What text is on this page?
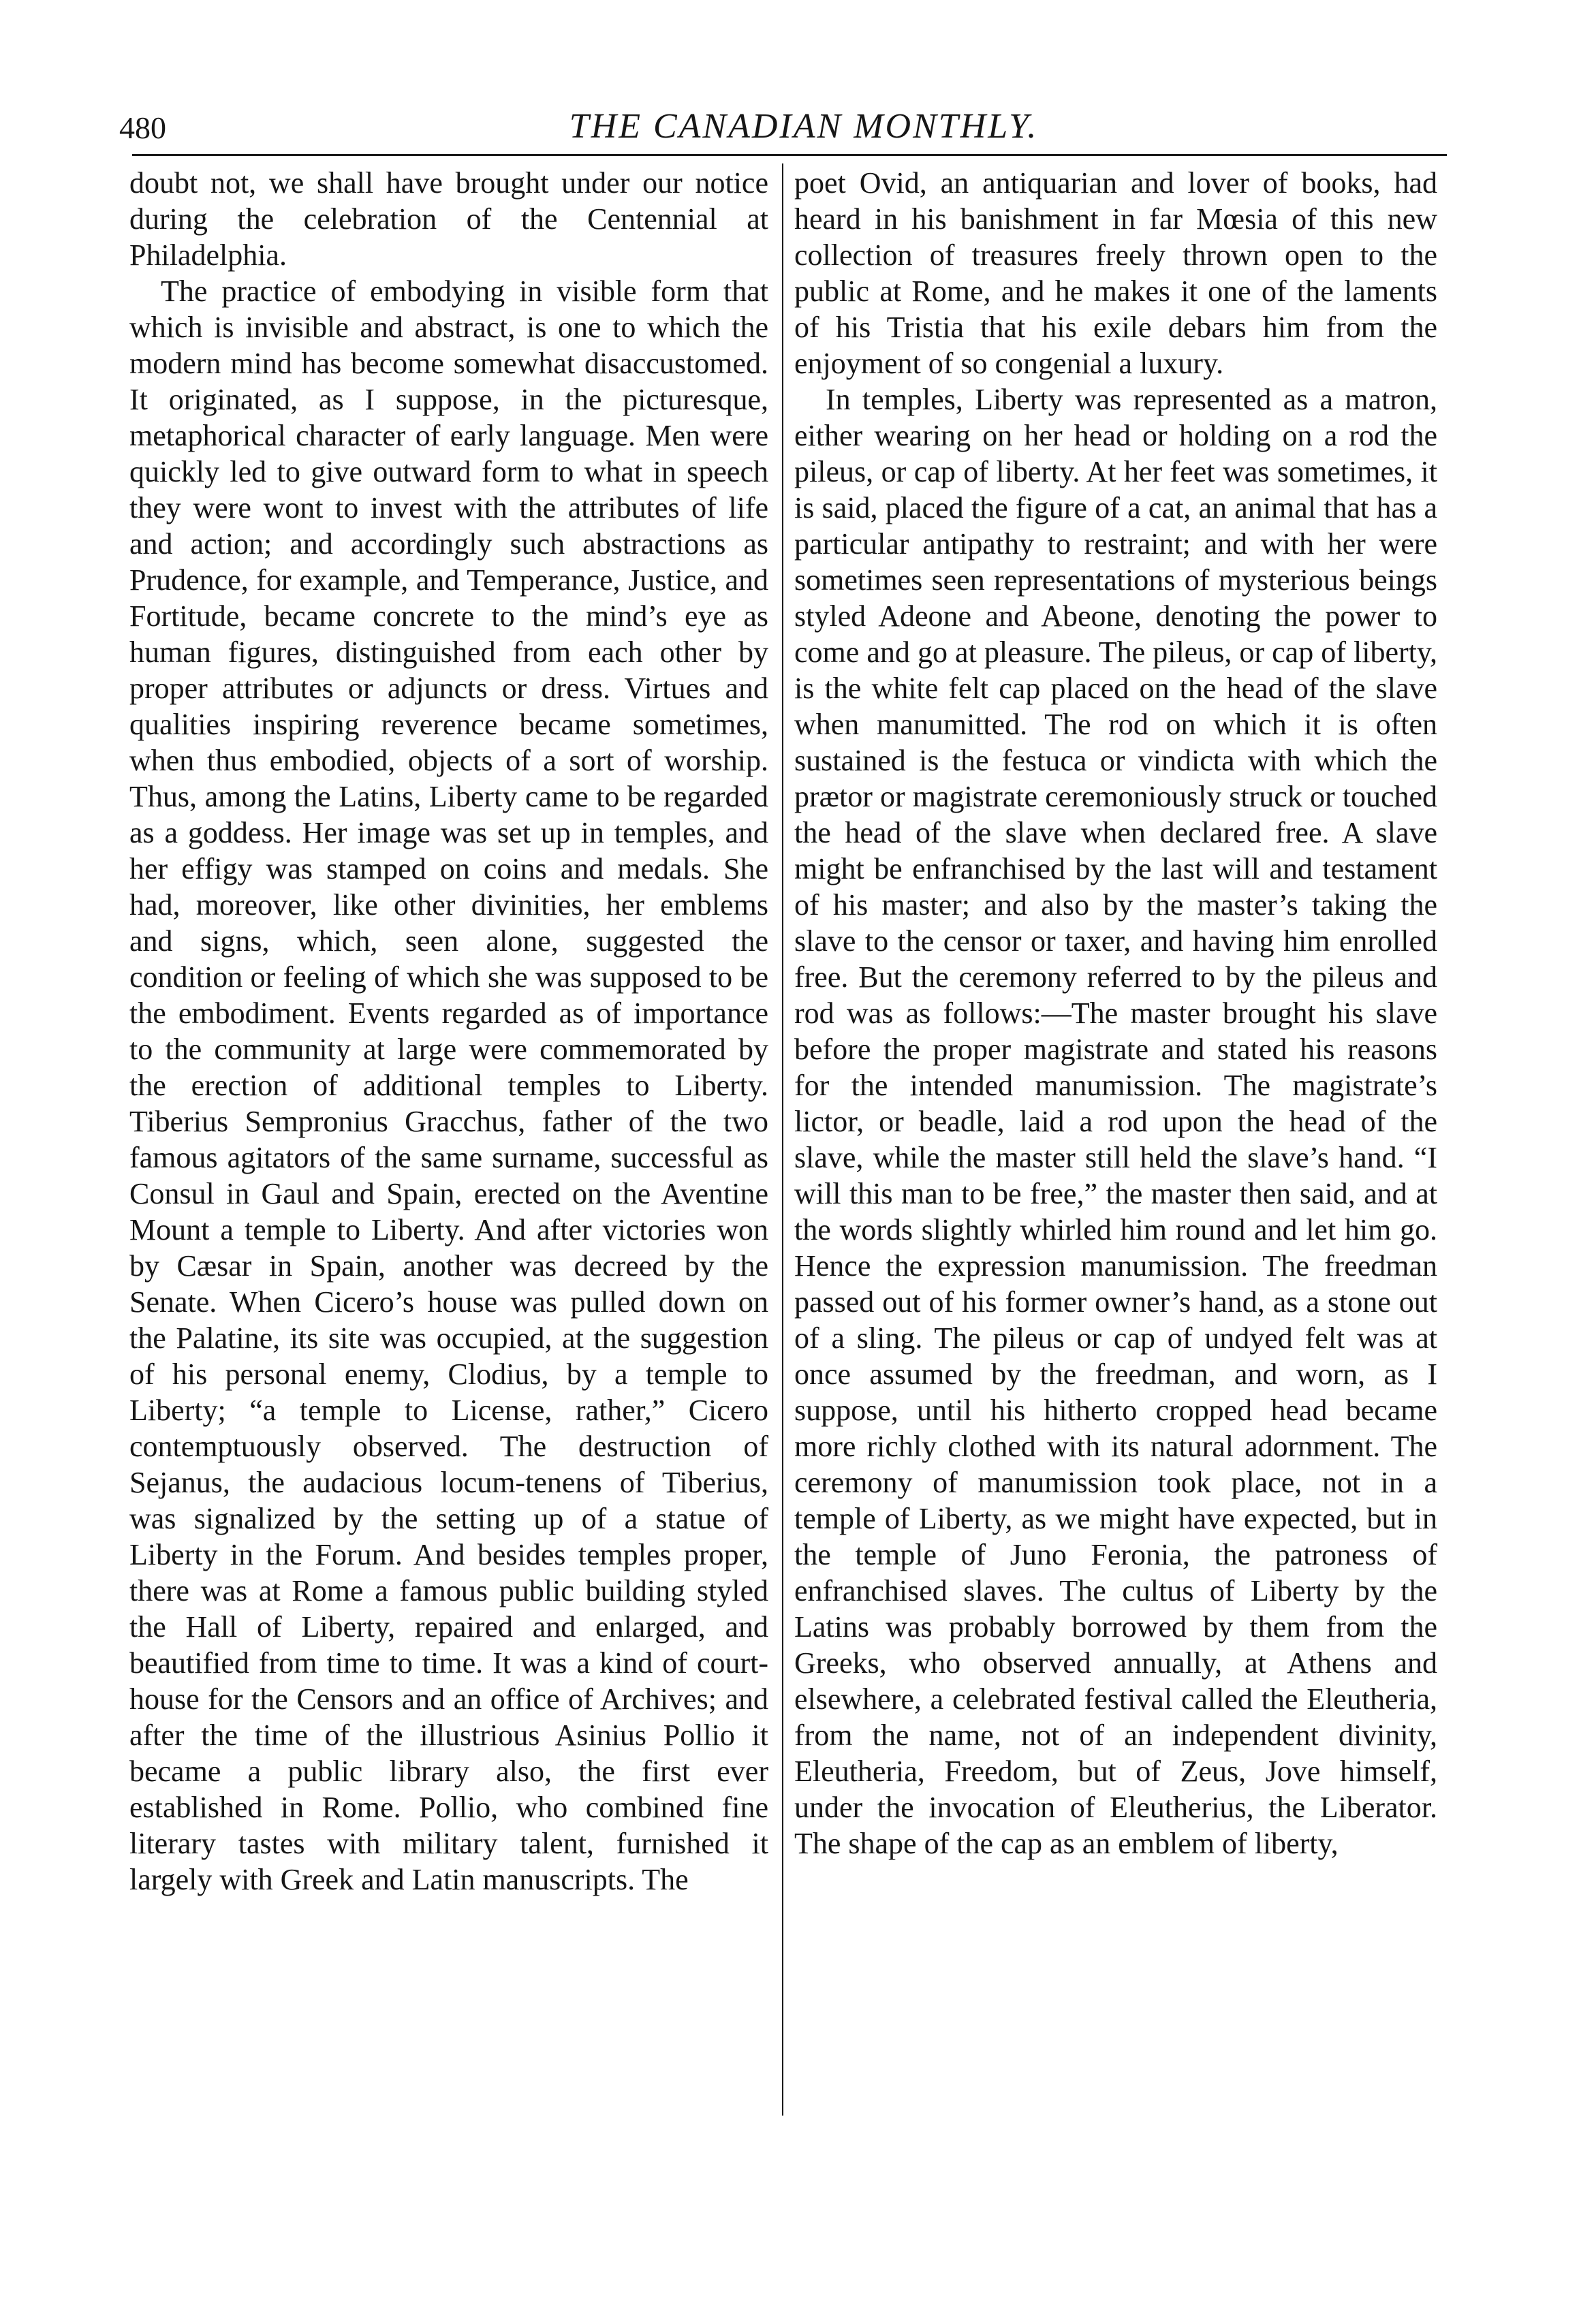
480	THE CANADIAN MONTHLY.

doubt not, we shall have brought under our notice during the celebration of the Centennial at Philadelphia.

The practice of embodying in visible form that which is invisible and abstract, is one to which the modern mind has become somewhat disaccustomed. It originated, as I suppose, in the picturesque, metaphorical character of early language. Men were quickly led to give outward form to what in speech they were wont to invest with the attributes of life and action; and accordingly such abstractions as Prudence, for example, and Temperance, Justice, and Fortitude, became concrete to the mind’s eye as human figures, distinguished from each other by proper attributes or adjuncts or dress. Virtues and qualities inspiring reverence became sometimes, when thus embodied, objects of a sort of worship. Thus, among the Latins, Liberty came to be regarded as a goddess. Her image was set up in temples, and her effigy was stamped on coins and medals. She had, moreover, like other divinities, her emblems and signs, which, seen alone, suggested the condition or feeling of which she was supposed to be the embodiment. Events regarded as of importance to the community at large were commemorated by the erection of additional temples to Liberty. Tiberius Sempronius Gracchus, father of the two famous agitators of the same surname, successful as Consul in Gaul and Spain, erected on the Aventine Mount a temple to Liberty. And after victories won by Cæsar in Spain, another was decreed by the Senate. When Cicero’s house was pulled down on the Palatine, its site was occupied, at the suggestion of his personal enemy, Clodius, by a temple to Liberty; “a temple to License, rather,” Cicero contemptuously observed. The destruction of Sejanus, the audacious locum-tenens of Tiberius, was signalized by the setting up of a statue of Liberty in the Forum. And besides temples proper, there was at Rome a famous public building styled the Hall of Liberty, repaired and enlarged, and beautified from time to time. It was a kind of court-house for the Censors and an office of Archives; and after the time of the illustrious Asinius Pollio it became a public library also, the first ever established in Rome. Pollio, who combined fine literary tastes with military talent, furnished it largely with Greek and Latin manuscripts. The

poet Ovid, an antiquarian and lover of books, had heard in his banishment in far Mœsia of this new collection of treasures freely thrown open to the public at Rome, and he makes it one of the laments of his Tristia that his exile debars him from the enjoyment of so congenial a luxury.

In temples, Liberty was represented as a matron, either wearing on her head or holding on a rod the pileus, or cap of liberty. At her feet was sometimes, it is said, placed the figure of a cat, an animal that has a particular antipathy to restraint; and with her were sometimes seen representations of mysterious beings styled Adeone and Abeone, denoting the power to come and go at pleasure. The pileus, or cap of liberty, is the white felt cap placed on the head of the slave when manumitted. The rod on which it is often sustained is the festuca or vindicta with which the prætor or magistrate ceremoniously struck or touched the head of the slave when declared free. A slave might be enfranchised by the last will and testament of his master; and also by the master’s taking the slave to the censor or taxer, and having him enrolled free. But the ceremony referred to by the pileus and rod was as follows:—The master brought his slave before the proper magistrate and stated his reasons for the intended manumission. The magistrate’s lictor, or beadle, laid a rod upon the head of the slave, while the master still held the slave’s hand. “I will this man to be free,” the master then said, and at the words slightly whirled him round and let him go. Hence the expression manumission. The freedman passed out of his former owner’s hand, as a stone out of a sling. The pileus or cap of undyed felt was at once assumed by the freedman, and worn, as I suppose, until his hitherto cropped head became more richly clothed with its natural adornment. The ceremony of manumission took place, not in a temple of Liberty, as we might have expected, but in the temple of Juno Feronia, the patroness of enfranchised slaves. The cultus of Liberty by the Latins was probably borrowed by them from the Greeks, who observed annually, at Athens and elsewhere, a celebrated festival called the Eleutheria, from the name, not of an independent divinity, Eleutheria, Freedom, but of Zeus, Jove himself, under the invocation of Eleutherius, the Liberator. The shape of the cap as an emblem of liberty,
